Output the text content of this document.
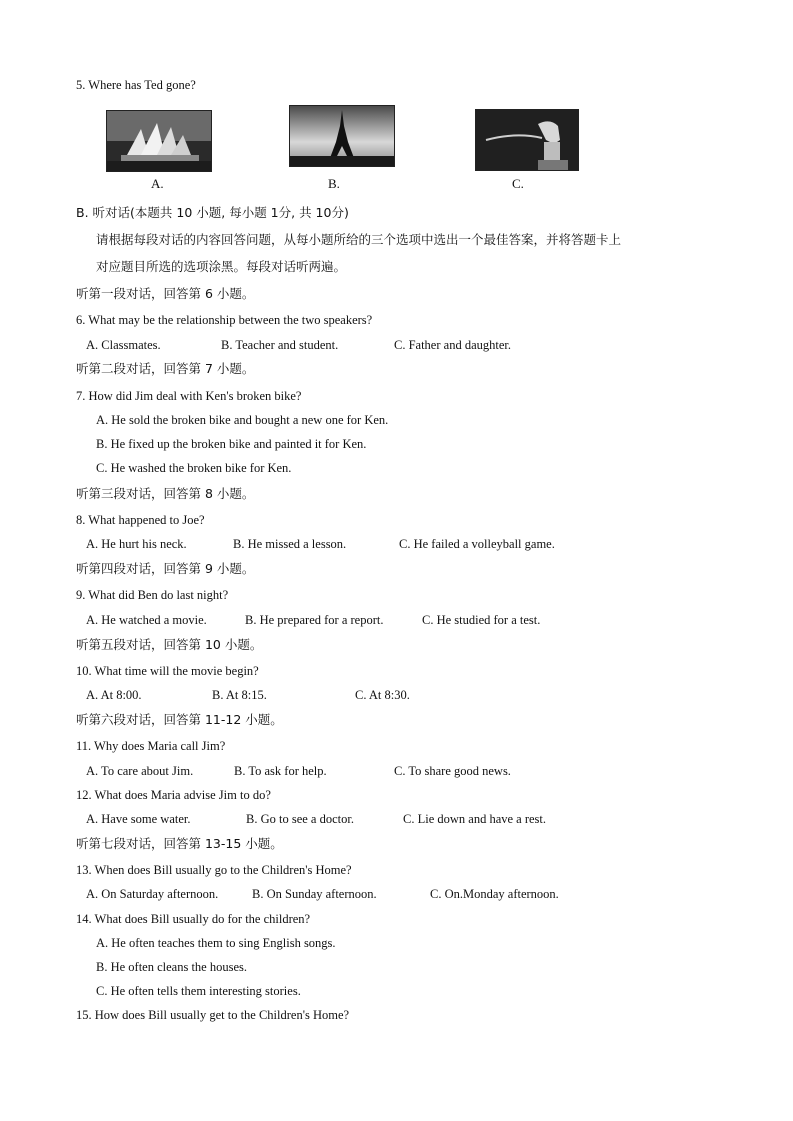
5. Where has Ted gone?
A.	B.	C.
B. 听对话(本题共 10 小题, 每小题 1分, 共 10分)
请根据每段对话的内容回答问题，从每小题所给的三个选项中选出一个最佳答案，并将答题卡上
对应题目所选的选项涂黑。每段对话听两遍。
听第一段对话，回答第 6 小题。
6. What may be the relationship between the two speakers?
A. Classmates.	B. Teacher and student.	C. Father and daughter.
听第二段对话，回答第 7 小题。
7. How did Jim deal with Ken's broken bike?
A. He sold the broken bike and bought a new one for Ken.
B. He fixed up the broken bike and painted it for Ken.
C. He washed the broken bike for Ken.
听第三段对话，回答第 8 小题。
8. What happened to Joe?
A. He hurt his neck.	B. He missed a lesson.	C. He failed a volleyball game.
听第四段对话，回答第 9 小题。
9. What did Ben do last night?
A. He watched a movie.	B. He prepared for a report.	C. He studied for a test.
听第五段对话，回答第 10 小题。
10. What time will the movie begin?
A. At 8:00.	B. At 8:15.	C. At 8:30.
听第六段对话，回答第 11-12 小题。
11. Why does Maria call Jim?
A. To care about Jim.	B. To ask for help.	C. To share good news.
12. What does Maria advise Jim to do?
A. Have some water.	B. Go to see a doctor.	C. Lie down and have a rest.
听第七段对话，回答第 13-15 小题。
13. When does Bill usually go to the Children's Home?
A. On Saturday afternoon.	B. On Sunday afternoon.	C. On.Monday afternoon.
14. What does Bill usually do for the children?
A. He often teaches them to sing English songs.
B. He often cleans the houses.
C. He often tells them interesting stories.
15. How does Bill usually get to the Children's Home?
